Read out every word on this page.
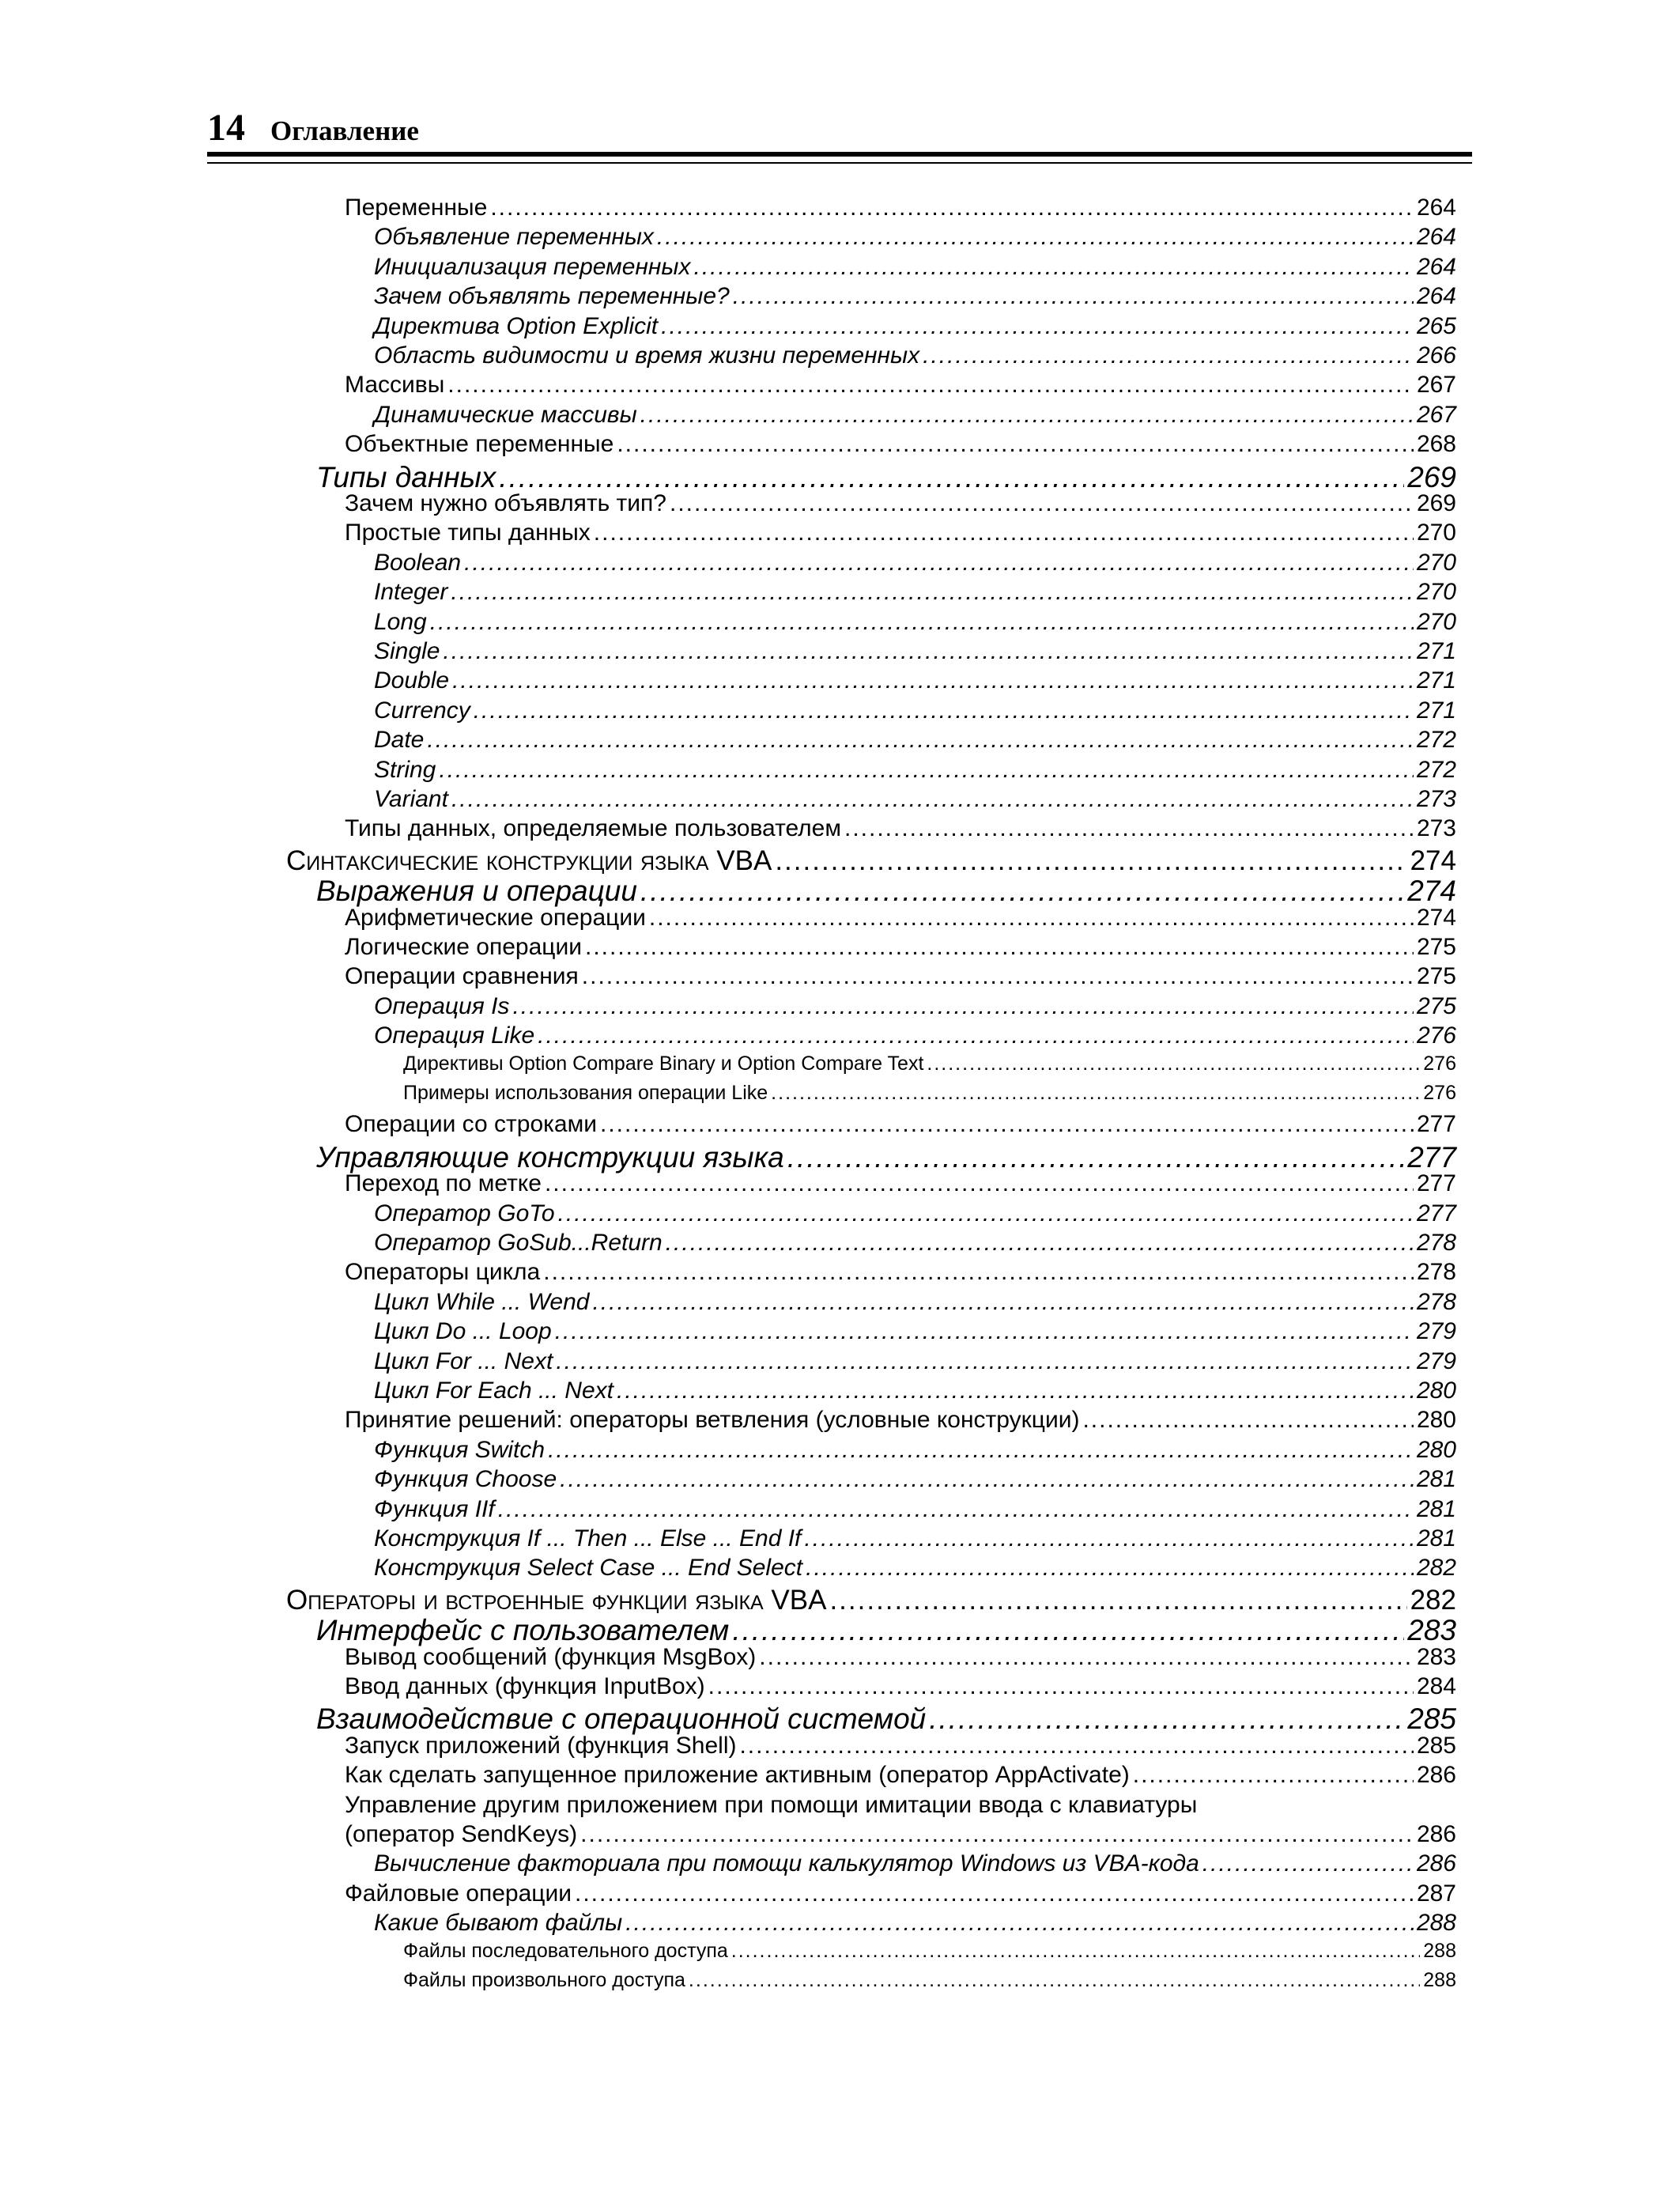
14 Оглавление
Переменные .....	264
Объявление переменных .....	264
Инициализация переменных .....	264
Зачем объявлять переменные? .....	264
Директива Option Explicit .....	265
Область видимости и время жизни переменных .....	266
Массивы .....	267
Динамические массивы .....	267
Объектные переменные .....	268
Типы данных .....	269
Зачем нужно объявлять тип? .....	269
Простые типы данных .....	270
Boolean .....	270
Integer .....	270
Long .....	270
Single .....	271
Double .....	271
Currency .....	271
Date .....	272
String .....	272
Variant .....	273
Типы данных, определяемые пользователем .....	273
Синтаксические конструкции языка VBA .....	274
Выражения и операции .....	274
Арифметические операции .....	274
Логические операции .....	275
Операции сравнения .....	275
Операция Is .....	275
Операция Like .....	276
Директивы Option Compare Binary и Option Compare Text .....	276
Примеры использования операции Like .....	276
Операции со строками .....	277
Управляющие конструкции языка .....	277
Переход по метке .....	277
Оператор GoTo .....	277
Оператор GoSub...Return .....	278
Операторы цикла .....	278
Цикл While ... Wend .....	278
Цикл Do ... Loop .....	279
Цикл For ... Next .....	279
Цикл For Each ... Next .....	280
Принятие решений: операторы ветвления (условные конструкции) .....	280
Функция Switch .....	280
Функция Choose .....	281
Функция IIf .....	281
Конструкция If ... Then ... Else ... End If .....	281
Конструкция Select Case ... End Select .....	282
Операторы и встроенные функции языка VBA .....	282
Интерфейс с пользователем .....	283
Вывод сообщений (функция MsgBox) .....	283
Ввод данных (функция InputBox) .....	284
Взаимодействие с операционной системой .....	285
Запуск приложений (функция Shell) .....	285
Как сделать запущенное приложение активным (оператор AppActivate) .....	286
Управление другим приложением при помощи имитации ввода с клавиатуры
(оператор SendKeys) .....	286
Вычисление факториала при помощи калькулятор Windows из VBA-кода .....	286
Файловые операции .....	287
Какие бывают файлы .....	288
Файлы последовательного доступа .....	288
Файлы произвольного доступа .....	288
